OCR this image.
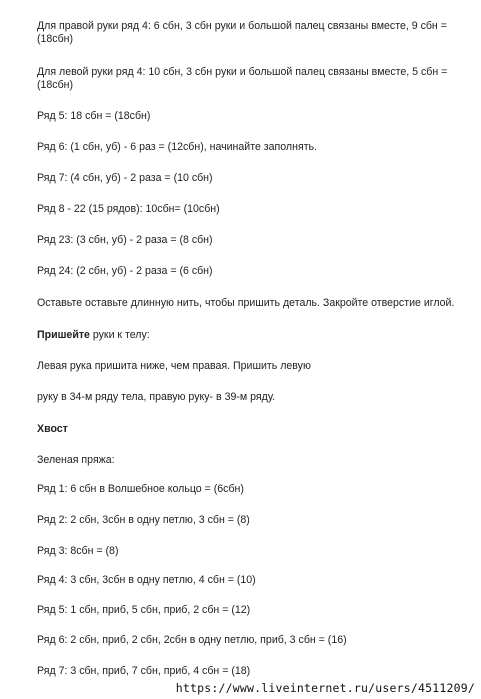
Для правой руки ряд 4: 6 сбн, 3 сбн руки и большой палец связаны вместе, 9 сбн = (18сбн)
Для левой руки ряд 4: 10 сбн, 3 сбн руки и большой палец связаны вместе, 5 сбн = (18сбн)
Ряд 5: 18 сбн = (18сбн)
Ряд 6: (1 сбн, уб) - 6 раз = (12сбн), начинайте заполнять.
Ряд 7: (4 сбн, уб) - 2 раза = (10 сбн)
Ряд 8 - 22 (15 рядов): 10сбн= (10сбн)
Ряд 23: (3 сбн, уб) - 2 раза = (8 сбн)
Ряд 24: (2 сбн, уб) - 2 раза = (6 сбн)
Оставьте оставьте длинную нить, чтобы пришить деталь. Закройте отверстие иглой.
Пришейте руки к телу:
Левая рука пришита ниже, чем правая. Пришить левую
руку в 34-м ряду тела, правую руку- в 39-м ряду.
Хвост
Зеленая пряжа:
Ряд 1: 6 сбн в Волшебное кольцо = (6сбн)
Ряд 2: 2 сбн, 3сбн в одну петлю, 3 сбн = (8)
Ряд 3: 8сбн = (8)
Ряд 4: 3 сбн, 3сбн в одну петлю, 4 сбн = (10)
Ряд 5: 1 сбн, приб, 5 сбн, приб, 2 сбн = (12)
Ряд 6: 2 сбн, приб, 2 сбн, 2сбн в одну петлю, приб, 3 сбн = (16)
Ряд 7: 3 сбн, приб, 7 сбн, приб, 4 сбн = (18)
https://www.liveinternet.ru/users/4511209/
